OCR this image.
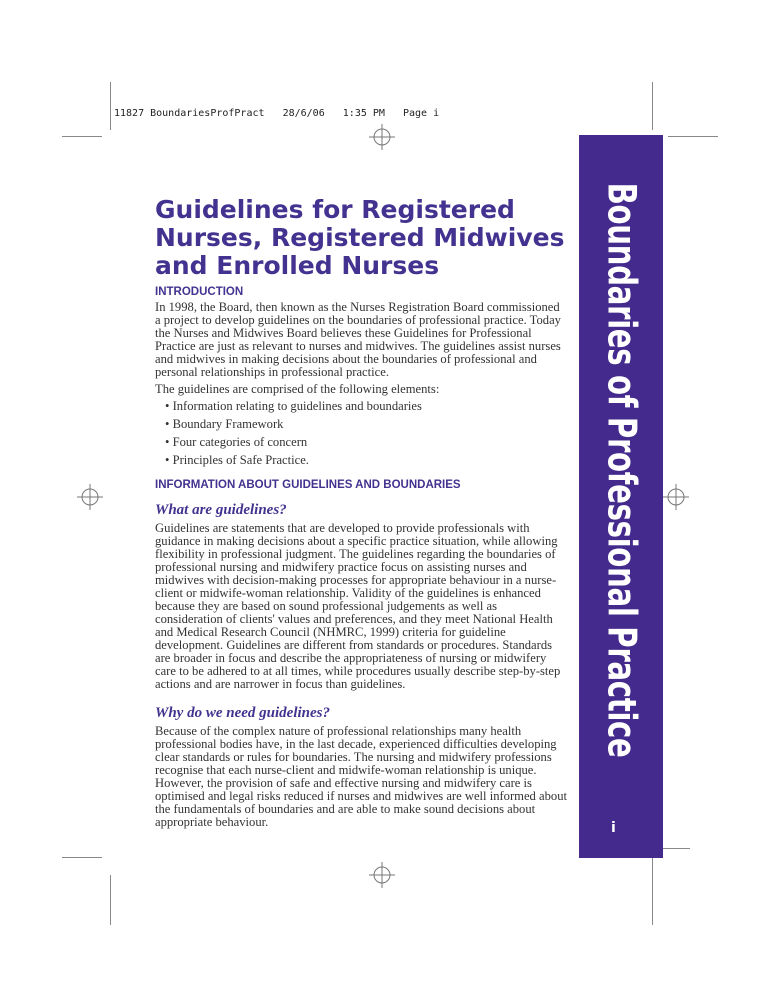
11827 BoundariesProfPract   28/6/06   1:35 PM   Page i
Boundaries of Professional Practice
i
Guidelines for Registered Nurses, Registered Midwives and Enrolled Nurses
INTRODUCTION

In 1998, the Board, then known as the Nurses Registration Board commissioned a project to develop guidelines on the boundaries of professional practice. Today the Nurses and Midwives Board believes these Guidelines for Professional Practice are just as relevant to nurses and midwives. The guidelines assist nurses and midwives in making decisions about the boundaries of professional and personal relationships in professional practice.

The guidelines are comprised of the following elements:

• Information relating to guidelines and boundaries
• Boundary Framework
• Four categories of concern
• Principles of Safe Practice.
INFORMATION ABOUT GUIDELINES AND BOUNDARIES
What are guidelines?

Guidelines are statements that are developed to provide professionals with guidance in making decisions about a specific practice situation, while allowing flexibility in professional judgment. The guidelines regarding the boundaries of professional nursing and midwifery practice focus on assisting nurses and midwives with decision-making processes for appropriate behaviour in a nurse-client or midwife-woman relationship. Validity of the guidelines is enhanced because they are based on sound professional judgements as well as consideration of clients' values and preferences, and they meet National Health and Medical Research Council (NHMRC, 1999) criteria for guideline development. Guidelines are different from standards or procedures. Standards are broader in focus and describe the appropriateness of nursing or midwifery care to be adhered to at all times, while procedures usually describe step-by-step actions and are narrower in focus than guidelines.

Why do we need guidelines?

Because of the complex nature of professional relationships many health professional bodies have, in the last decade, experienced difficulties developing clear standards or rules for boundaries. The nursing and midwifery professions recognise that each nurse-client and midwife-woman relationship is unique. However, the provision of safe and effective nursing and midwifery care is optimised and legal risks reduced if nurses and midwives are well informed about the fundamentals of boundaries and are able to make sound decisions about appropriate behaviour.
